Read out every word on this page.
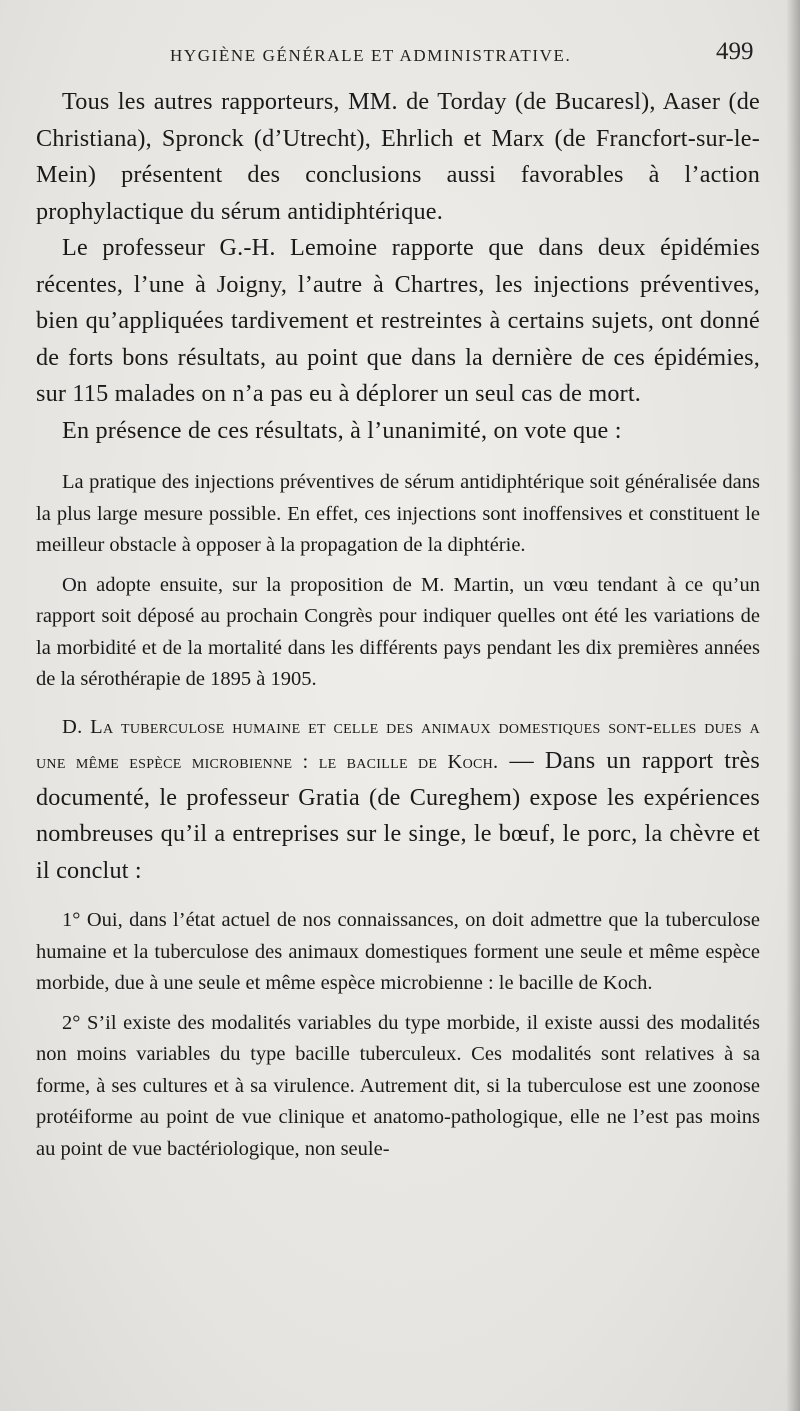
HYGIÈNE GÉNÉRALE ET ADMINISTRATIVE.	499

Tous les autres rapporteurs, MM. de Torday (de Bucaresl), Aaser (de Christiana), Spronck (d’Utrecht), Ehrlich et Marx (de Francfort-sur-le-Mein) présentent des conclusions aussi favorables à l’action prophylactique du sérum antidiphtérique.

Le professeur G.-H. Lemoine rapporte que dans deux épidémies récentes, l’une à Joigny, l’autre à Chartres, les injections préventives, bien qu’appliquées tardivement et restreintes à certains sujets, ont donné de forts bons résultats, au point que dans la dernière de ces épidémies, sur 115 malades on n’a pas eu à déplorer un seul cas de mort.

En présence de ces résultats, à l’unanimité, on vote que :

La pratique des injections préventives de sérum antidiphtérique soit généralisée dans la plus large mesure possible. En effet, ces injections sont inoffensives et constituent le meilleur obstacle à opposer à la propagation de la diphtérie.

On adopte ensuite, sur la proposition de M. Martin, un vœu tendant à ce qu’un rapport soit déposé au prochain Congrès pour indiquer quelles ont été les variations de la morbidité et de la mortalité dans les différents pays pendant les dix premières années de la sérothérapie de 1895 à 1905.

D. La tuberculose humaine et celle des animaux domestiques sont-elles dues a une même espèce microbienne : le bacille de Koch. — Dans un rapport très documenté, le professeur Gratia (de Cureghem) expose les expériences nombreuses qu’il a entreprises sur le singe, le bœuf, le porc, la chèvre et il conclut :

1° Oui, dans l’état actuel de nos connaissances, on doit admettre que la tuberculose humaine et la tuberculose des animaux domestiques forment une seule et même espèce morbide, due à une seule et même espèce microbienne : le bacille de Koch.

2° S’il existe des modalités variables du type morbide, il existe aussi des modalités non moins variables du type bacille tuberculeux. Ces modalités sont relatives à sa forme, à ses cultures et à sa virulence. Autrement dit, si la tuberculose est une zoonose protéiforme au point de vue clinique et anatomo-pathologique, elle ne l’est pas moins au point de vue bactériologique, non seule-
